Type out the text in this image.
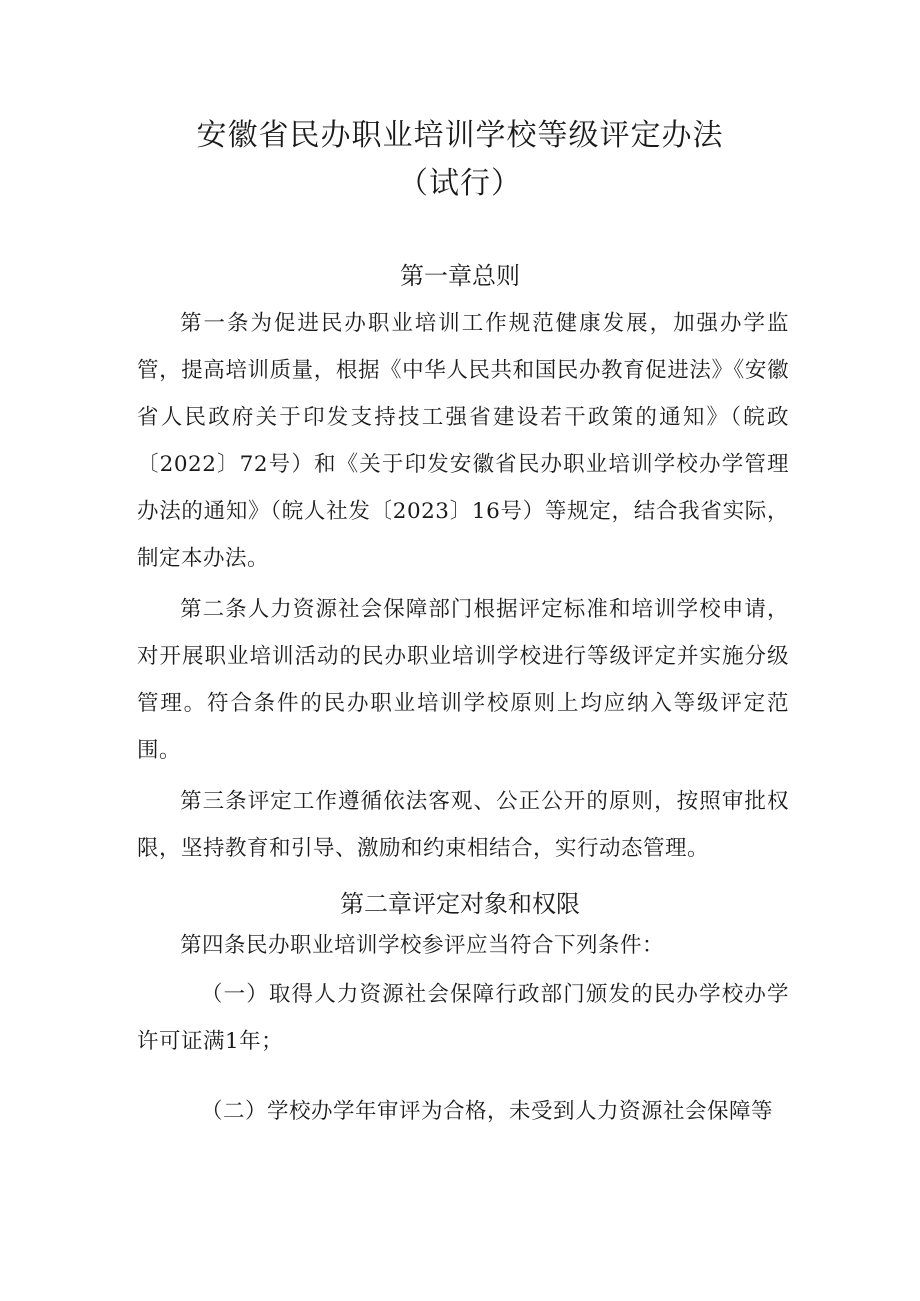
安徽省民办职业培训学校等级评定办法
（试行）
第一章总则

第一条为促进民办职业培训工作规范健康发展，加强办学监管，提高培训质量，根据《中华人民共和国民办教育促进法》《安徽省人民政府关于印发支持技工强省建设若干政策的通知》（皖政〔2022〕72号）和《关于印发安徽省民办职业培训学校办学管理办法的通知》（皖人社发〔2023〕16号）等规定，结合我省实际，制定本办法。

第二条人力资源社会保障部门根据评定标准和培训学校申请，对开展职业培训活动的民办职业培训学校进行等级评定并实施分级管理。符合条件的民办职业培训学校原则上均应纳入等级评定范围。

第三条评定工作遵循依法客观、公正公开的原则，按照审批权限，坚持教育和引导、激励和约束相结合，实行动态管理。

第二章评定对象和权限

第四条民办职业培训学校参评应当符合下列条件：

（一）取得人力资源社会保障行政部门颁发的民办学校办学许可证满1年；

（二）学校办学年审评为合格，未受到人力资源社会保障等
